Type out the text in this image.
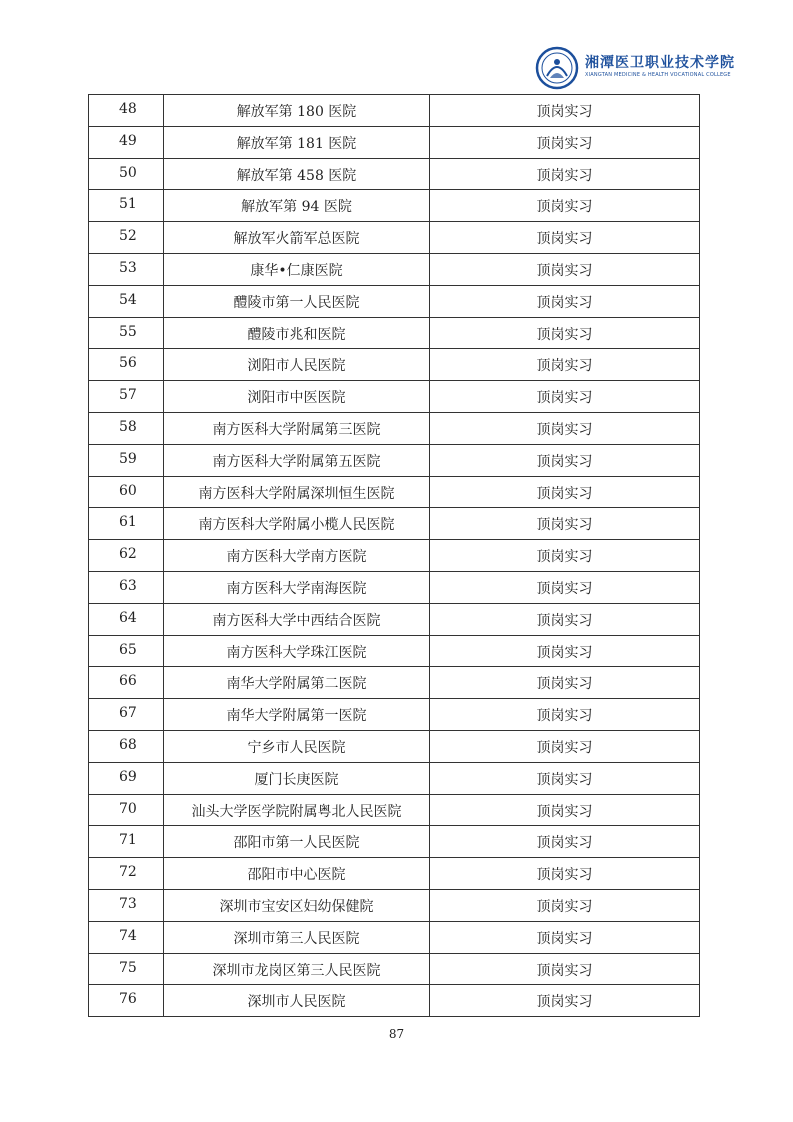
湘潭医卫职业技术学院
XIANGTAN MEDICINE & HEALTH VOCATIONAL COLLEGE
48	解放军第 180 医院	顶岗实习
49	解放军第 181 医院	顶岗实习
50	解放军第 458 医院	顶岗实习
51	解放军第 94 医院	顶岗实习
52	解放军火箭军总医院	顶岗实习
53	康华•仁康医院	顶岗实习
54	醴陵市第一人民医院	顶岗实习
55	醴陵市兆和医院	顶岗实习
56	浏阳市人民医院	顶岗实习
57	浏阳市中医医院	顶岗实习
58	南方医科大学附属第三医院	顶岗实习
59	南方医科大学附属第五医院	顶岗实习
60	南方医科大学附属深圳恒生医院	顶岗实习
61	南方医科大学附属小榄人民医院	顶岗实习
62	南方医科大学南方医院	顶岗实习
63	南方医科大学南海医院	顶岗实习
64	南方医科大学中西结合医院	顶岗实习
65	南方医科大学珠江医院	顶岗实习
66	南华大学附属第二医院	顶岗实习
67	南华大学附属第一医院	顶岗实习
68	宁乡市人民医院	顶岗实习
69	厦门长庚医院	顶岗实习
70	汕头大学医学院附属粤北人民医院	顶岗实习
71	邵阳市第一人民医院	顶岗实习
72	邵阳市中心医院	顶岗实习
73	深圳市宝安区妇幼保健院	顶岗实习
74	深圳市第三人民医院	顶岗实习
75	深圳市龙岗区第三人民医院	顶岗实习
76	深圳市人民医院	顶岗实习
87
